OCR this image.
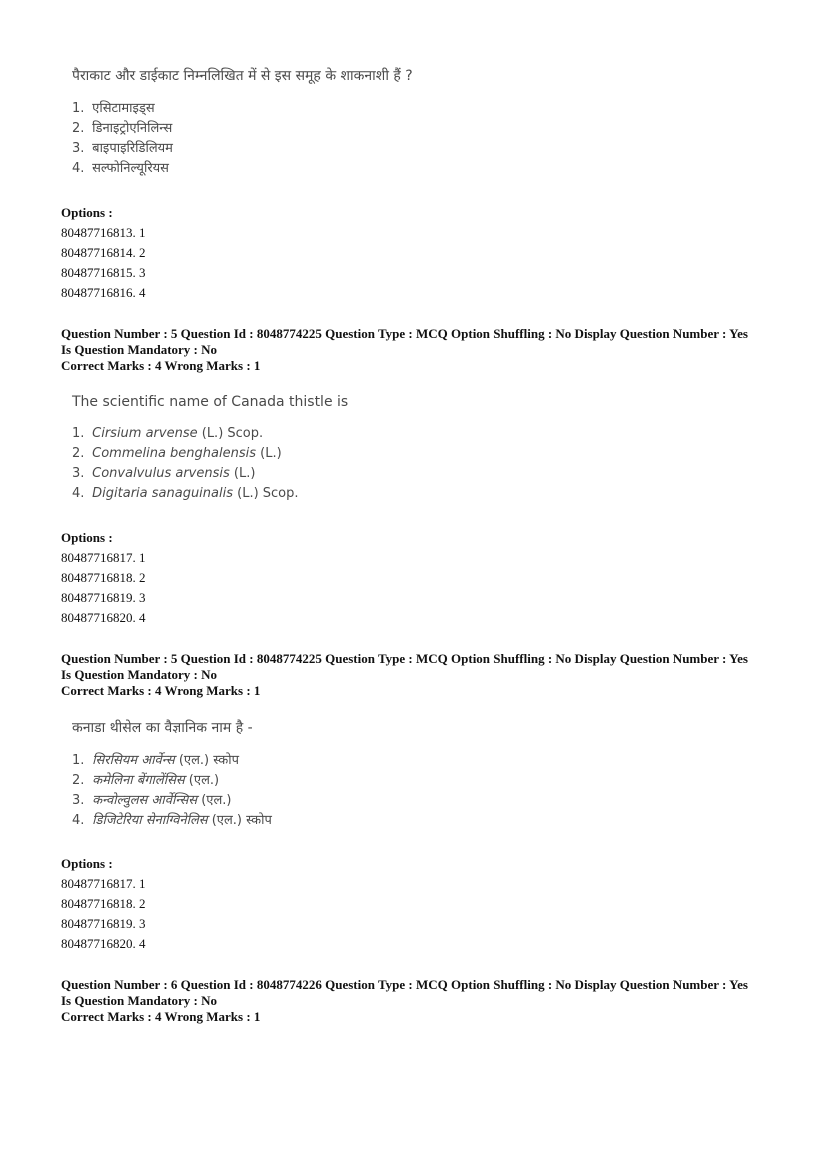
पैराकाट और डाईकाट निम्नलिखित में से इस समूह के शाकनाशी हैं ?

1. एसिटामाइड्स
2. डिनाइट्रोएनिलिन्स
3. बाइपाइरिडिलियम
4. सल्फोनिल्यूरियस
Options :
80487716813. 1
80487716814. 2
80487716815. 3
80487716816. 4
Question Number : 5 Question Id : 8048774225 Question Type : MCQ Option Shuffling : No Display Question Number : Yes
Is Question Mandatory : No
Correct Marks : 4 Wrong Marks : 1

The scientific name of Canada thistle is

1. Cirsium arvense (L.) Scop.
2. Commelina benghalensis (L.)
3. Convalvulus arvensis (L.)
4. Digitaria sanaguinalis (L.) Scop.
Options :
80487716817. 1
80487716818. 2
80487716819. 3
80487716820. 4
Question Number : 5 Question Id : 8048774225 Question Type : MCQ Option Shuffling : No Display Question Number : Yes
Is Question Mandatory : No
Correct Marks : 4 Wrong Marks : 1

कनाडा थीसेल का वैज्ञानिक नाम है -

1. सिरसियम आर्वेन्स (एल.) स्कोप
2. कमेलिना बेंगालेंसिस (एल.)
3. कन्वोल्वुलस आर्वेन्सिस (एल.)
4. डिजिटेरिया सेनाग्विनेलिस (एल.) स्कोप
Options :
80487716817. 1
80487716818. 2
80487716819. 3
80487716820. 4
Question Number : 6 Question Id : 8048774226 Question Type : MCQ Option Shuffling : No Display Question Number : Yes
Is Question Mandatory : No
Correct Marks : 4 Wrong Marks : 1
